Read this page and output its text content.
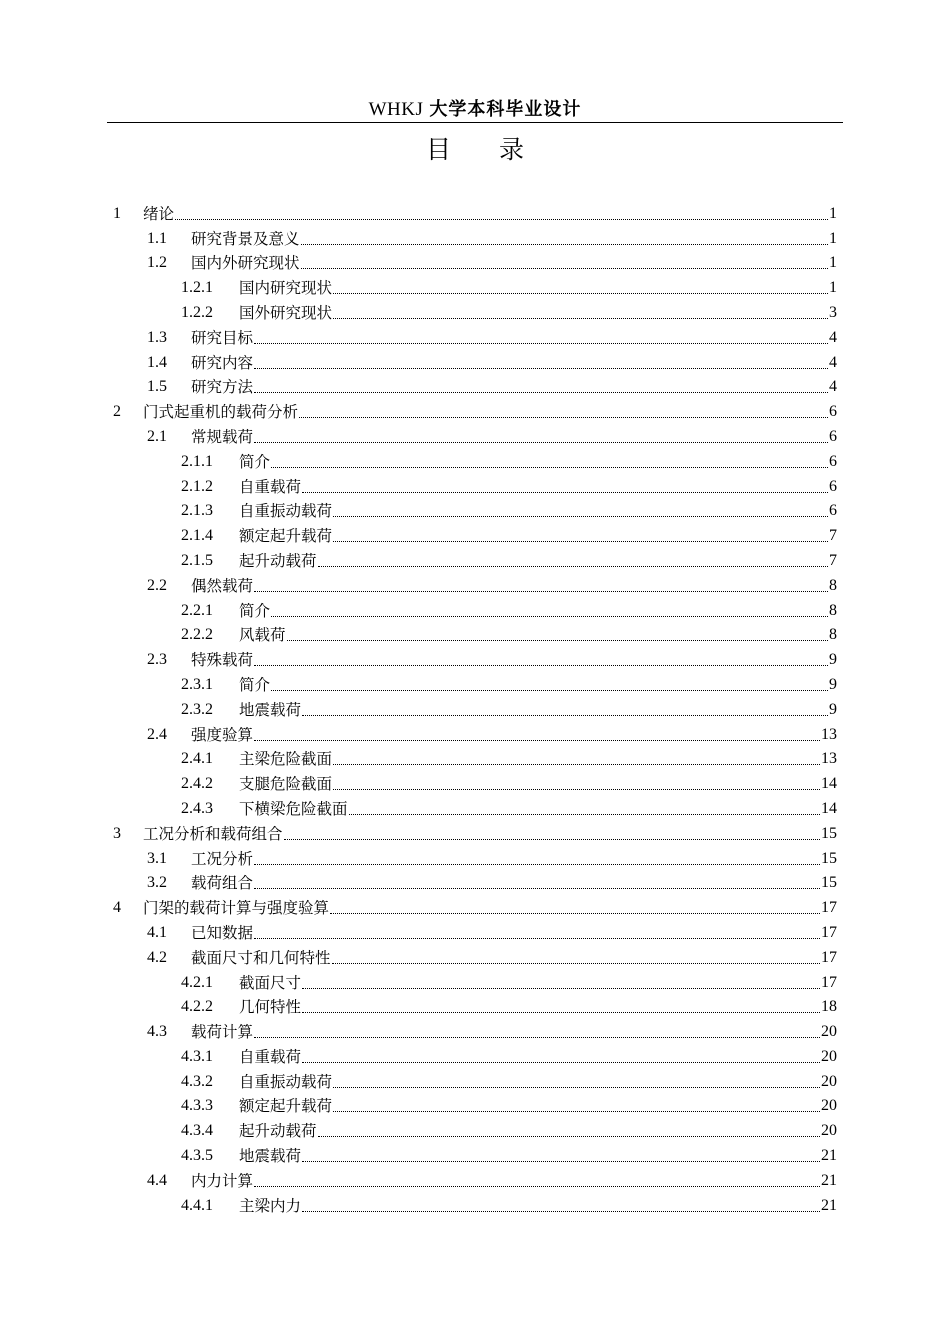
WHKJ 大学本科毕业设计
目 录
1	绪论	1
1.1	研究背景及意义	1
1.2	国内外研究现状	1
1.2.1	国内研究现状	1
1.2.2	国外研究现状	3
1.3	研究目标	4
1.4	研究内容	4
1.5	研究方法	4
2	门式起重机的载荷分析	6
2.1	常规载荷	6
2.1.1	简介	6
2.1.2	自重载荷	6
2.1.3	自重振动载荷	6
2.1.4	额定起升载荷	7
2.1.5	起升动载荷	7
2.2	偶然载荷	8
2.2.1	简介	8
2.2.2	风载荷	8
2.3	特殊载荷	9
2.3.1	简介	9
2.3.2	地震载荷	9
2.4	强度验算	13
2.4.1	主梁危险截面	13
2.4.2	支腿危险截面	14
2.4.3	下横梁危险截面	14
3	工况分析和载荷组合	15
3.1	工况分析	15
3.2	载荷组合	15
4	门架的载荷计算与强度验算	17
4.1	已知数据	17
4.2	截面尺寸和几何特性	17
4.2.1	截面尺寸	17
4.2.2	几何特性	18
4.3	载荷计算	20
4.3.1	自重载荷	20
4.3.2	自重振动载荷	20
4.3.3	额定起升载荷	20
4.3.4	起升动载荷	20
4.3.5	地震载荷	21
4.4	内力计算	21
4.4.1	主梁内力	21
